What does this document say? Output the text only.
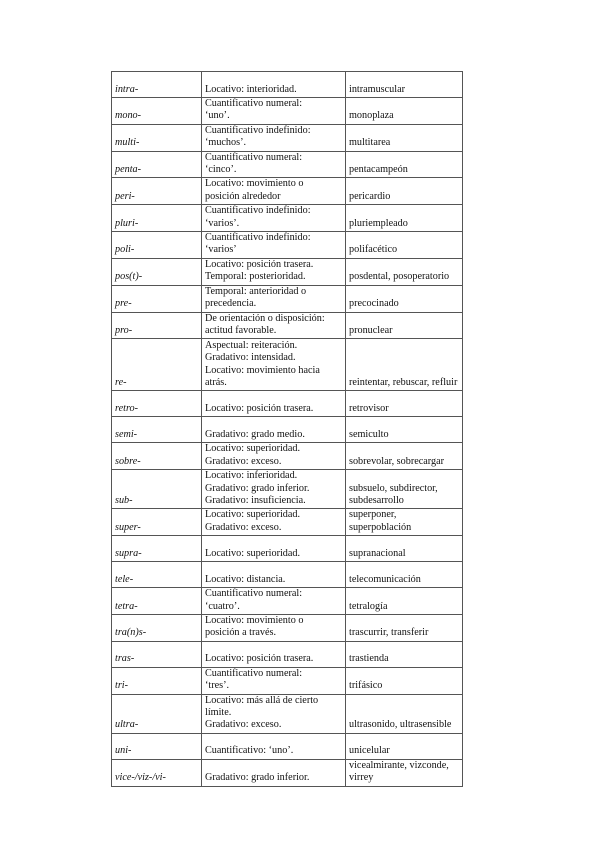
intra-	Locativo: interioridad.	intramuscular
mono-	Cuantificativo numeral:
‘uno’.	monoplaza
multi-	Cuantificativo indefinido:
‘muchos’.	multitarea
penta-	Cuantificativo numeral:
‘cinco’.	pentacampeón
peri-	Locativo: movimiento o
posición alrededor	pericardio
pluri-	Cuantificativo indefinido:
‘varios’.	pluriempleado
poli-	Cuantificativo indefinido:
‘varios’	polifacético
pos(t)-	Locativo: posición trasera.
Temporal: posterioridad.	posdental, posoperatorio
pre-	Temporal: anterioridad o
precedencia.	precocinado
pro-	De orientación o disposición:
actitud favorable.	pronuclear
re-	Aspectual: reiteración.
Gradativo: intensidad.
Locativo: movimiento hacia
atrás.	reintentar, rebuscar, refluir
retro-	Locativo: posición trasera.	retrovisor
semi-	Gradativo: grado medio.	semiculto
sobre-	Locativo: superioridad.
Gradativo: exceso.	sobrevolar, sobrecargar
sub-	Locativo: inferioridad.
Gradativo: grado inferior.
Gradativo: insuficiencia.	subsuelo, subdirector, subdesarrollo
super-	Locativo: superioridad.
Gradativo: exceso.	superponer, superpoblación
supra-	Locativo: superioridad.	supranacional
tele-	Locativo: distancia.	telecomunicación
tetra-	Cuantificativo numeral:
‘cuatro’.	tetralogía
tra(n)s-	Locativo: movimiento o
posición a través.	trascurrir, transferir
tras-	Locativo: posición trasera.	trastienda
tri-	Cuantificativo numeral:
‘tres’.	trifásico
ultra-	Locativo: más allá de cierto
límite.
Gradativo: exceso.	ultrasonido, ultrasensible
uni-	Cuantificativo: ‘uno’.	unicelular
vice-/viz-/vi-	Gradativo: grado inferior.	vicealmirante, vizconde, virrey
